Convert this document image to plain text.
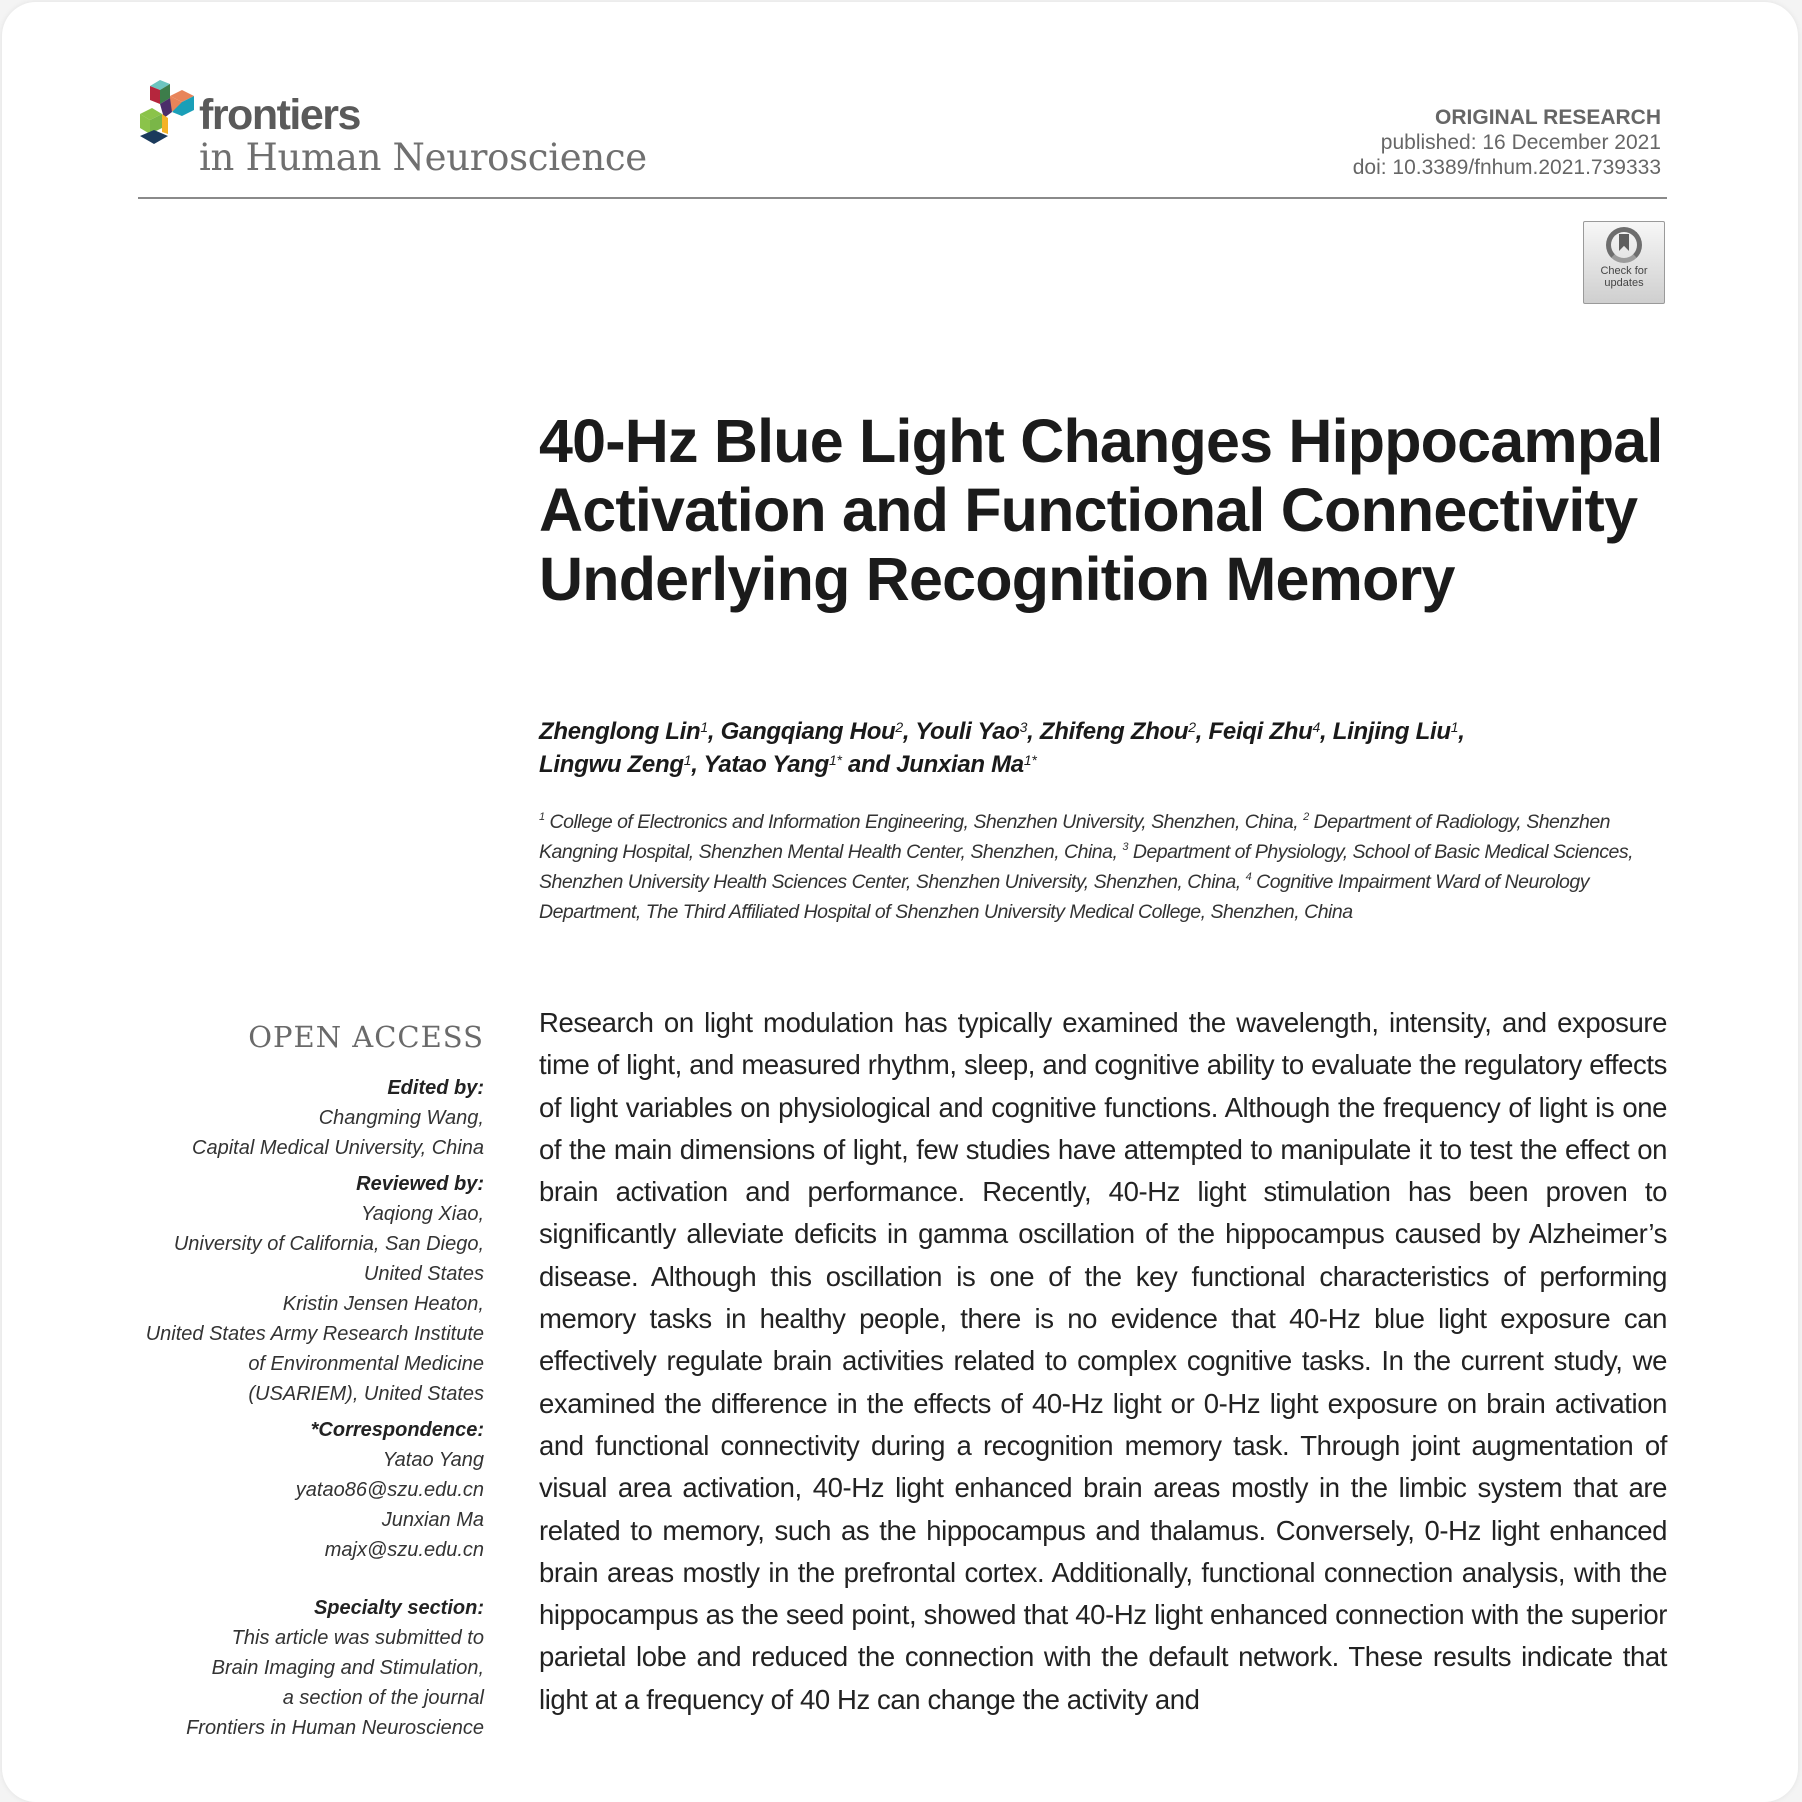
frontiers
in Human Neuroscience
ORIGINAL RESEARCH
published: 16 December 2021
doi: 10.3389/fnhum.2021.739333
Check for
updates
40-Hz Blue Light Changes Hippocampal Activation and Functional Connectivity Underlying Recognition Memory
Zhenglong Lin$^1$, Gangqiang Hou$^2$, Youli Yao$^3$, Zhifeng Zhou$^2$, Feiqi Zhu$^4$, Linjing Liu$^1$,
Lingwu Zeng$^1$, Yatao Yang$^{1*}$ and Junxian $Ma^{1*}$
$^1$ College of Electronics and Information Engineering, Shenzhen University, Shenzhen, China, $^2$ Department of Radiology, Shenzhen Kangning Hospital, Shenzhen Mental Health Center, Shenzhen, China, $^3$ Department of Physiology, School of Basic Medical Sciences, Shenzhen University Health Sciences Center, Shenzhen University, Shenzhen, China, $^4$ Cognitive Impairment Ward of Neurology Department, The Third Affiliated Hospital of Shenzhen University Medical College, Shenzhen, China
OPEN ACCESS
Edited by:
Changming Wang,
Capital Medical University, China
Reviewed by:
Yaqiong Xiao,
University of California, San Diego,
United States
Kristin Jensen Heaton,
United States Army Research Institute
of Environmental Medicine
(USARIEM), United States
*Correspondence:
Yatao Yang
yatao86@szu.edu.cn
Junxian Ma
majx@szu.edu.cn
Specialty section:
This article was submitted to
Brain Imaging and Stimulation,
a section of the journal
Frontiers in Human Neuroscience

Research on light modulation has typically examined the wavelength, intensity, and exposure time of light, and measured rhythm, sleep, and cognitive ability to evaluate the regulatory effects of light variables on physiological and cognitive functions. Although the frequency of light is one of the main dimensions of light, few studies have attempted to manipulate it to test the effect on brain activation and performance. Recently, 40-Hz light stimulation has been proven to significantly alleviate deficits in gamma oscillation of the hippocampus caused by Alzheimer’s disease. Although this oscillation is one of the key functional characteristics of performing memory tasks in healthy people, there is no evidence that 40-Hz blue light exposure can effectively regulate brain activities related to complex cognitive tasks. In the current study, we examined the difference in the effects of 40-Hz light or 0-Hz light exposure on brain activation and functional connectivity during a recognition memory task. Through joint augmentation of visual area activation, 40-Hz light enhanced brain areas mostly in the limbic system that are related to memory, such as the hippocampus and thalamus. Conversely, 0-Hz light enhanced brain areas mostly in the prefrontal cortex. Additionally, functional connection analysis, with the hippocampus as the seed point, showed that 40-Hz light enhanced connection with the superior parietal lobe and reduced the connection with the default network. These results indicate that light at a frequency of 40 Hz can change the activity and
